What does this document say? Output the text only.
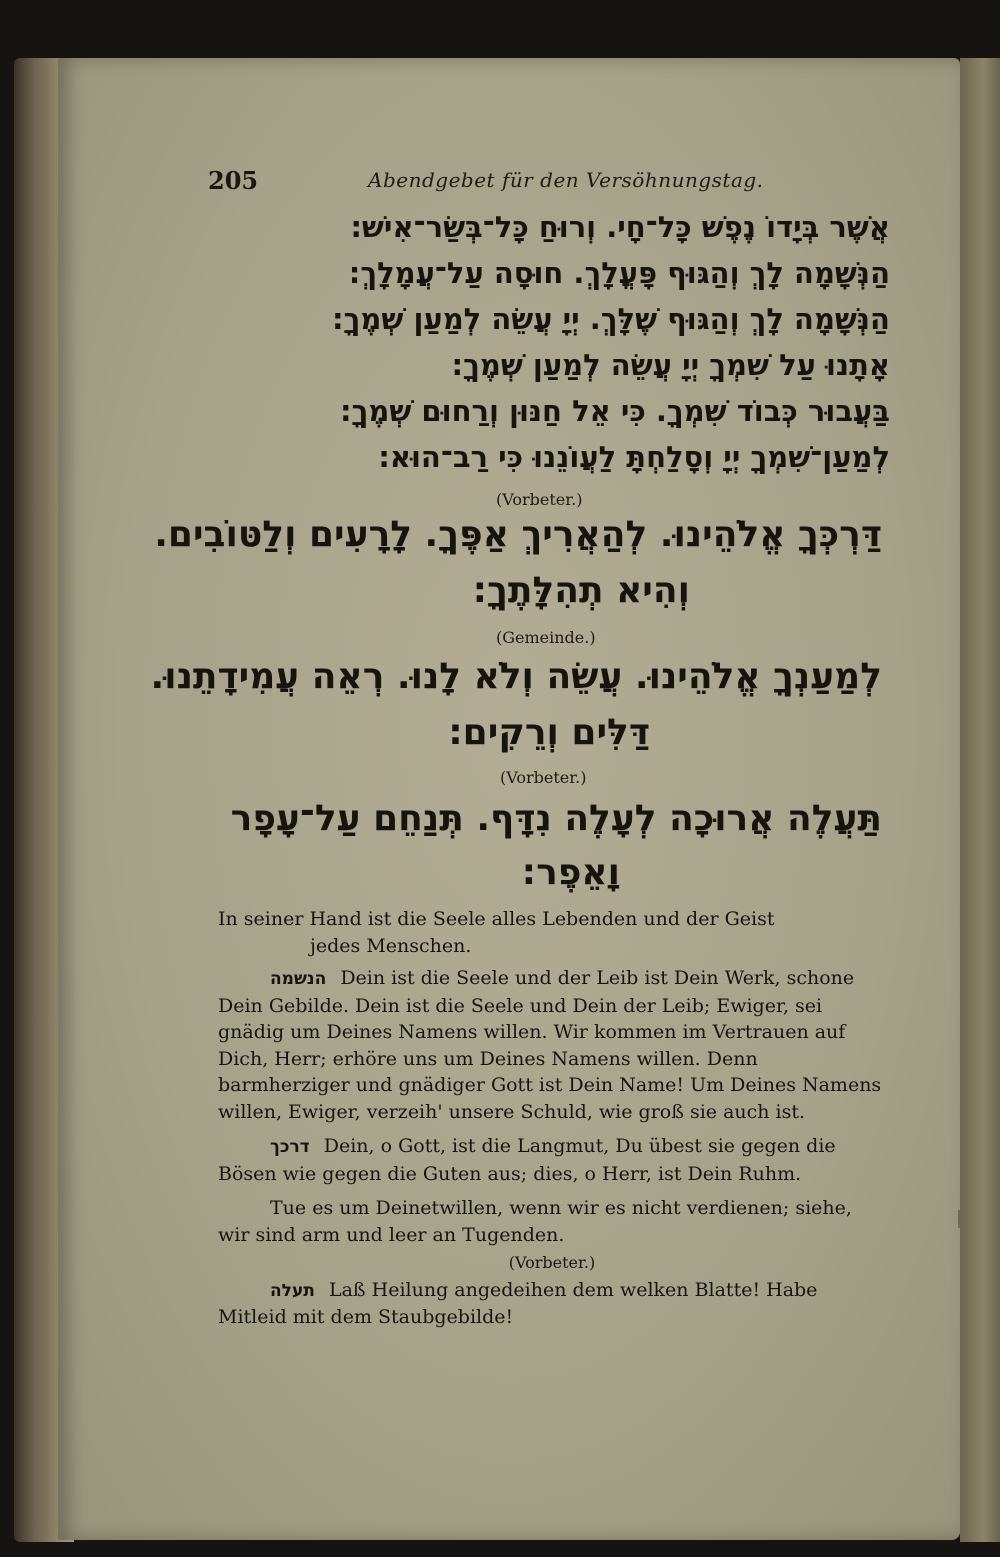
205	Abendgebet für den Versöhnungstag.
אֲשֶׁר בְּיָדוֹ נֶפֶשׁ כָּל־חָי. וְרוּחַ כָּל־בְּשַׂר־אִישׁ:
הַנְּשָׁמָה לָךְ וְהַגּוּף פָּעֳלָךְ. חוּסָה עַל־עֲמָלָךְ:
הַנְּשָׁמָה לָךְ וְהַגּוּף שֶׁלָּךְ. יְיָ עֲשֵׂה לְמַעַן שְׁמֶךָ:
אָתָנוּ עַל שִׁמְךָ יְיָ עֲשֵׂה לְמַעַן שְׁמֶךָ:
בַּעֲבוּר כְּבוֹד שִׁמְךָ. כִּי אֵל חַנּוּן וְרַחוּם שְׁמֶךָ:
לְמַעַן־שִׁמְךָ יְיָ וְסָלַחְתָּ לַעֲוֹנֵנוּ כִּי רַב־הוּא:
(Vorbeter.)
דַּרְכְּךָ אֱלֹהֵינוּ. לְהַאֲרִיךְ אַפֶּךָ. לָרָעִים וְלַטּוֹבִים.
וְהִיא תְהִלָּתֶךָ:
(Gemeinde.)
לְמַעַנְךָ אֱלֹהֵינוּ. עֲשֵׂה וְלֹא לָנוּ. רְאֵה עֲמִידָתֵנוּ.
דַּלִּים וְרֵקִים:
(Vorbeter.)
תַּעֲלֶה אֲרוּכָה לְעָלֶה נִדָּף. תְּנַחֵם עַל־עָפָר
וָאֵפֶר:

In seiner Hand ist die Seele alles Lebenden und der Geist
jedes Menschen.

הנשמה Dein ist die Seele und der Leib ist Dein Werk, schone Dein Gebilde. Dein ist die Seele und Dein der Leib; Ewiger, sei gnädig um Deines Namens willen. Wir kommen im Vertrauen auf Dich, Herr; erhöre uns um Deines Namens willen. Denn barmherziger und gnädiger Gott ist Dein Name! Um Deines Namens willen, Ewiger, verzeih' unsere Schuld, wie groß sie auch ist.

דרכך Dein, o Gott, ist die Langmut, Du übest sie gegen die Bösen wie gegen die Guten aus; dies, o Herr, ist Dein Ruhm.

Tue es um Deinetwillen, wenn wir es nicht verdienen; siehe, wir sind arm und leer an Tugenden.

(Vorbeter.)

תעלה Laß Heilung angedeihen dem welken Blatte! Habe Mitleid mit dem Staubgebilde!
